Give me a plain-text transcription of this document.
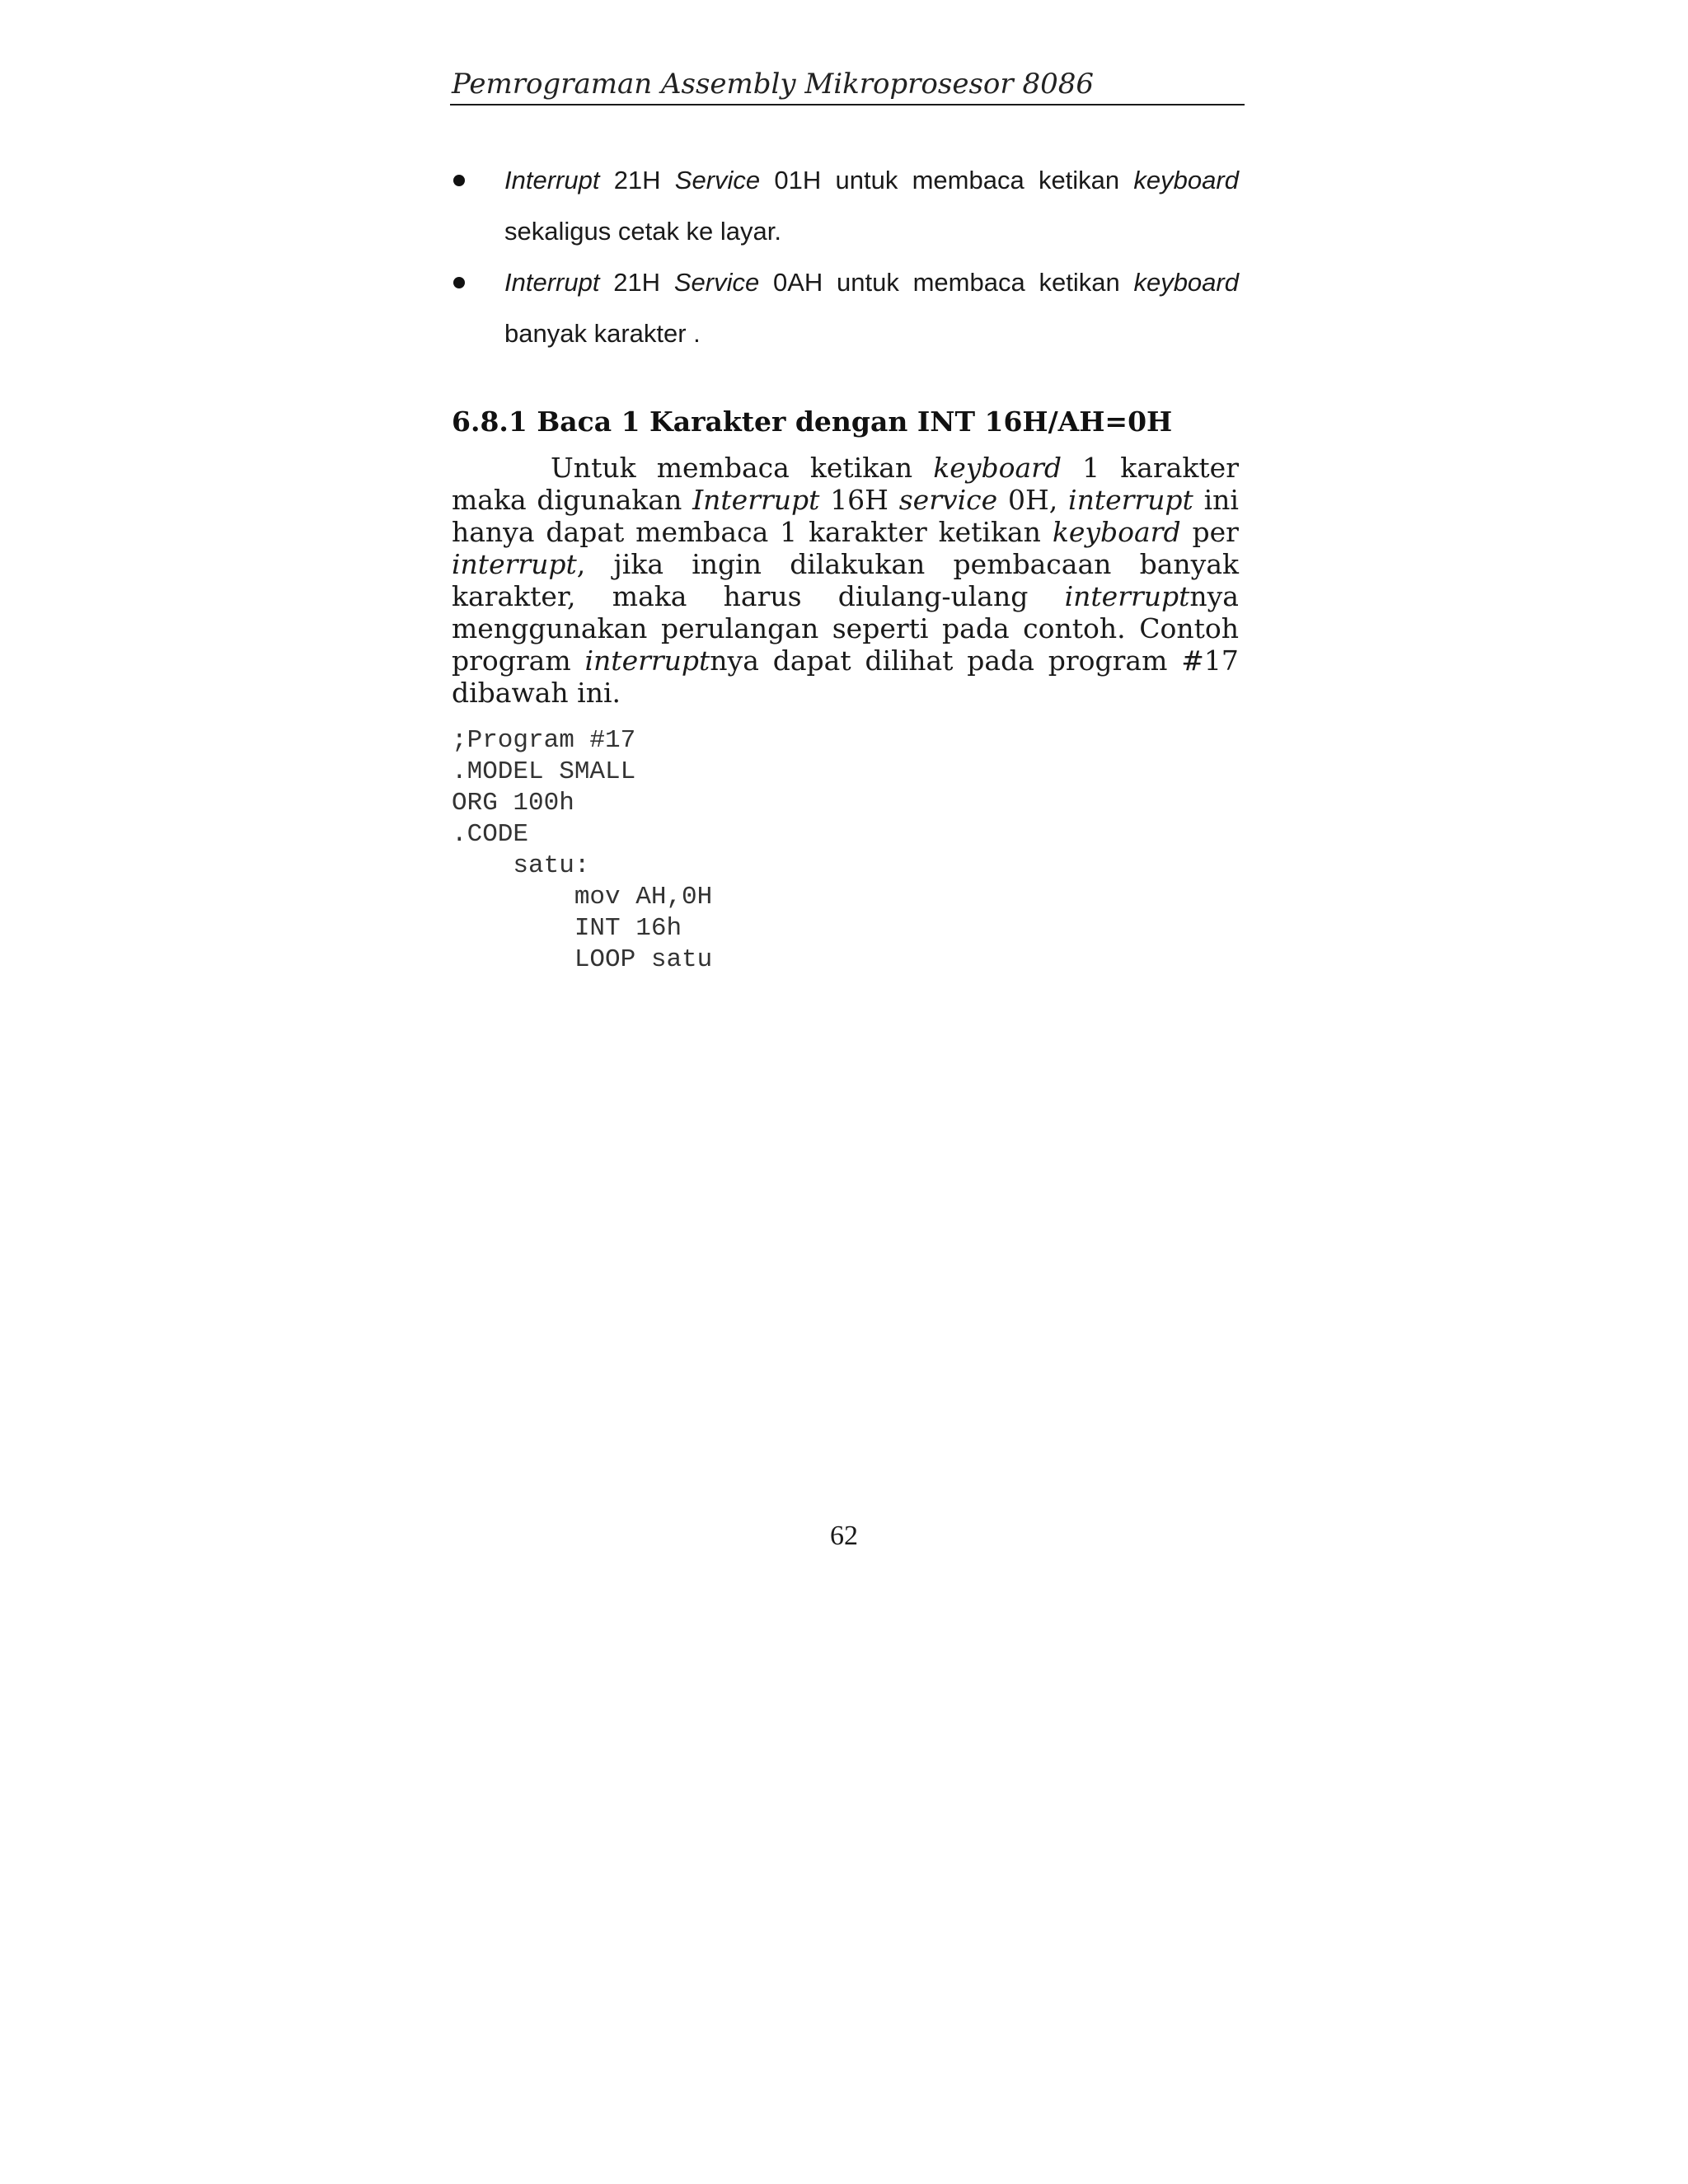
Pemrograman Assembly Mikroprosesor 8086
Interrupt 21H Service 01H untuk membaca ketikan keyboard
sekaligus cetak ke layar.
Interrupt 21H Service 0AH untuk membaca ketikan keyboard
banyak karakter .
6.8.1 Baca 1 Karakter dengan INT 16H/AH=0H
Untuk membaca ketikan keyboard 1 karakter
maka digunakan Interrupt 16H service 0H, interrupt ini
hanya dapat membaca 1 karakter ketikan keyboard per
interrupt, jika ingin dilakukan pembacaan banyak
karakter, maka harus diulang-ulang interruptnya
menggunakan perulangan seperti pada contoh. Contoh
program interruptnya dapat dilihat pada program #17
dibawah ini.
;Program #17
.MODEL SMALL
ORG 100h
.CODE
satu:
mov AH,0H
INT 16h
LOOP satu
62
